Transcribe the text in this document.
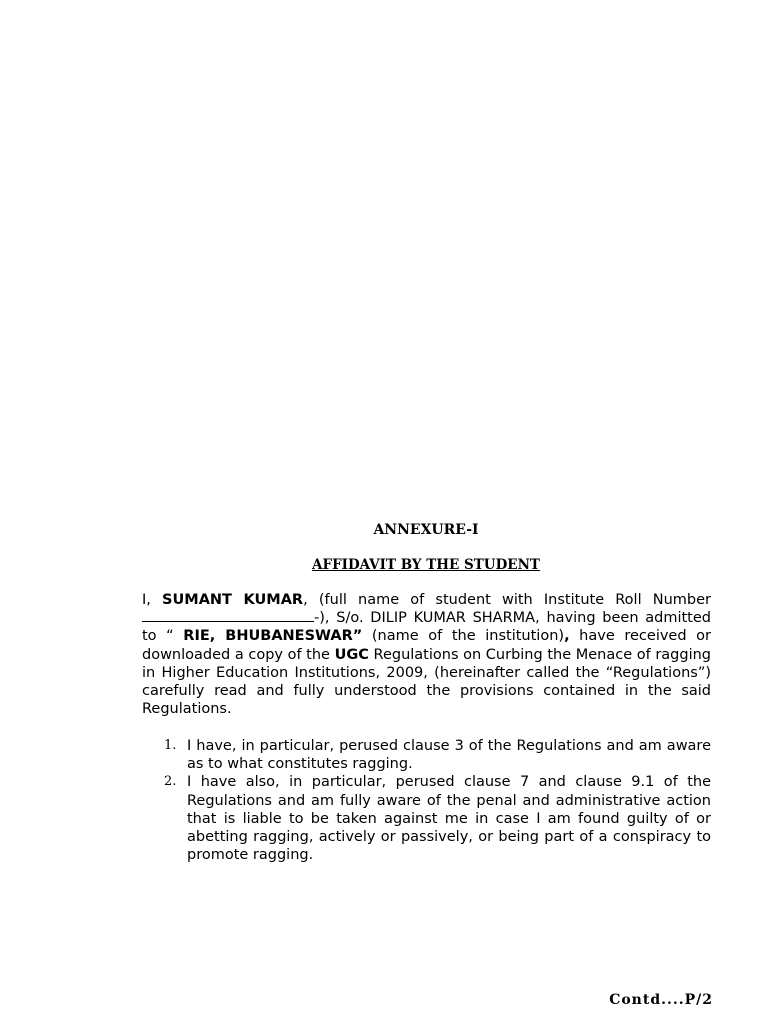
ANNEXURE-I
AFFIDAVIT BY THE STUDENT

I, SUMANT KUMAR, (full name of student with Institute Roll Number -), S/o. DILIP KUMAR SHARMA, having been admitted to “ RIE, BHUBANESWAR” (name of the institution), have received or downloaded a copy of the UGC Regulations on Curbing the Menace of ragging in Higher Education Institutions, 2009, (hereinafter called the “Regulations”) carefully read and fully understood the provisions contained in the said Regulations.

1. I have, in particular, perused clause 3 of the Regulations and am aware as to what constitutes ragging.
2. I have also, in particular, perused clause 7 and clause 9.1 of the Regulations and am fully aware of the penal and administrative action that is liable to be taken against me in case I am found guilty of or abetting ragging, actively or passively, or being part of a conspiracy to promote ragging.
Contd....P/2
